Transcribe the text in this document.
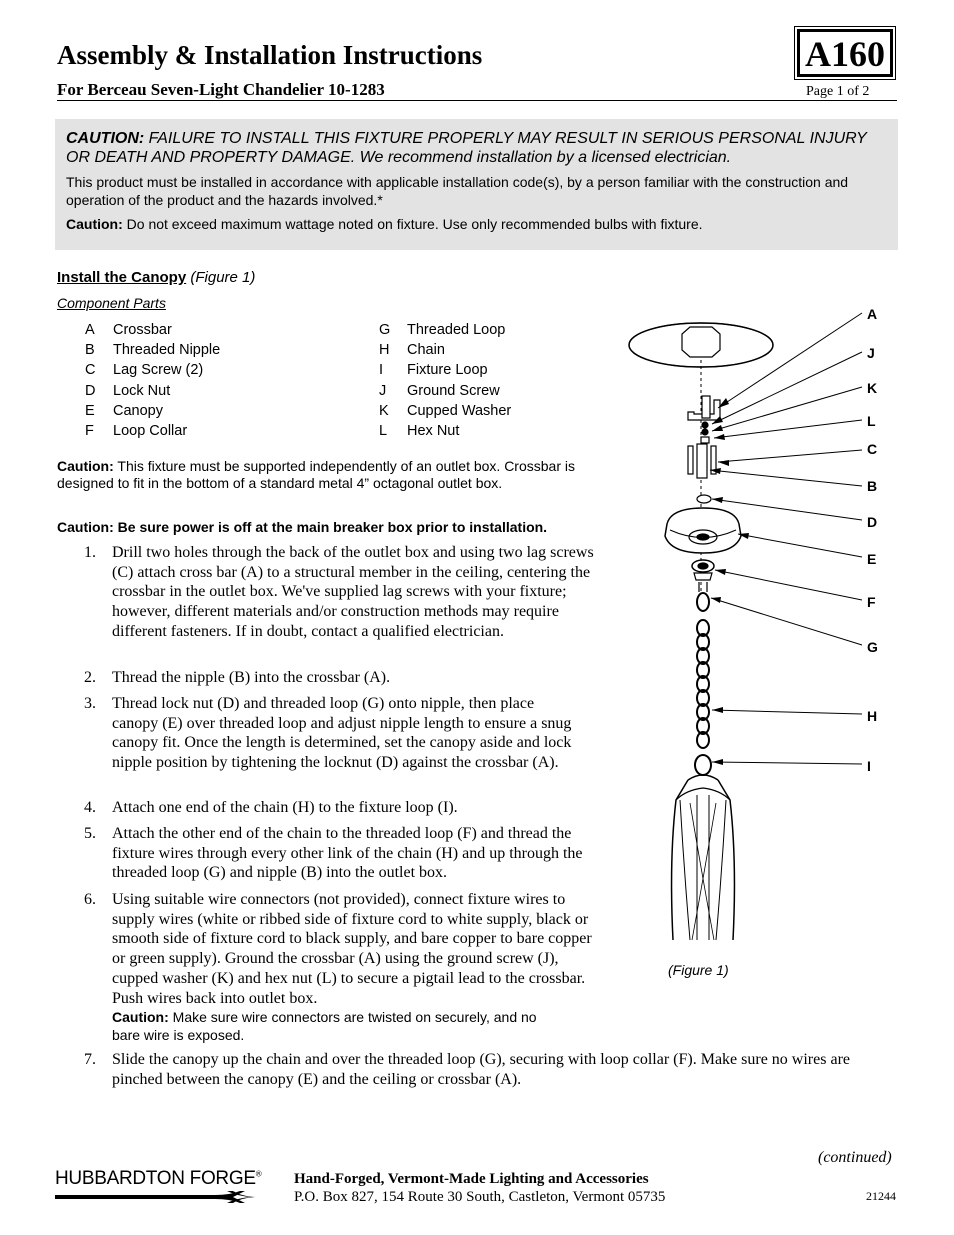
Assembly & Installation Instructions
For Berceau Seven-Light Chandelier 10-1283	Page 1 of 2
A160

CAUTION: FAILURE TO INSTALL THIS FIXTURE PROPERLY MAY RESULT IN SERIOUS PERSONAL INJURY OR DEATH AND PROPERTY DAMAGE. We recommend installation by a licensed electrician.

This product must be installed in accordance with applicable installation code(s), by a person familiar with the construction and operation of the product and the hazards involved.*

Caution: Do not exceed maximum wattage noted on fixture. Use only recommended bulbs with fixture.

Install the Canopy (Figure 1)
Component Parts
A Crossbar
B Threaded Nipple
C Lag Screw (2)
D Lock Nut
E Canopy
F Loop Collar
G Threaded Loop
H Chain
I Fixture Loop
J Ground Screw
K Cupped Washer
L Hex Nut
Caution: This fixture must be supported independently of an outlet box. Crossbar is designed to fit in the bottom of a standard metal 4” octagonal outlet box.
Caution: Be sure power is off at the main breaker box prior to installation.
1.	Drill two holes through the back of the outlet box and using two lag screws (C) attach cross bar (A) to a structural member in the ceiling, centering the crossbar in the outlet box. We've supplied lag screws with your fixture; however, different materials and/or construction methods may require different fasteners. If in doubt, contact a qualified electrician.
2.	Thread the nipple (B) into the crossbar (A).
3.	Thread lock nut (D) and threaded loop (G) onto nipple, then place canopy (E) over threaded loop and adjust nipple length to ensure a snug canopy fit. Once the length is determined, set the canopy aside and lock nipple position by tightening the locknut (D) against the crossbar (A).
4.	Attach one end of the chain (H) to the fixture loop (I).
5.	Attach the other end of the chain to the threaded loop (F) and thread the fixture wires through every other link of the chain (H) and up through the threaded loop (G) and nipple (B) into the outlet box.
6.	Using suitable wire connectors (not provided), connect fixture wires to supply wires (white or ribbed side of fixture cord to white supply, black or smooth side of fixture cord to black supply, and bare copper to bare copper or green supply). Ground the crossbar (A) using the ground screw (J), cupped washer (K) and hex nut (L) to secure a pigtail lead to the crossbar. Push wires back into outlet box.
Caution: Make sure wire connectors are twisted on securely, and no bare wire is exposed.
7.	Slide the canopy up the chain and over the threaded loop (G), securing with loop collar (F). Make sure no wires are pinched between the canopy (E) and the ceiling or crossbar (A).
A
J
K
L
C
B
D
E
F
G
H
I
(Figure 1)
(continued)
HUBBARDTON FORGE® Hand-Forged, Vermont-Made Lighting and Accessories
P.O. Box 827, 154 Route 30 South, Castleton, Vermont 05735	21244
